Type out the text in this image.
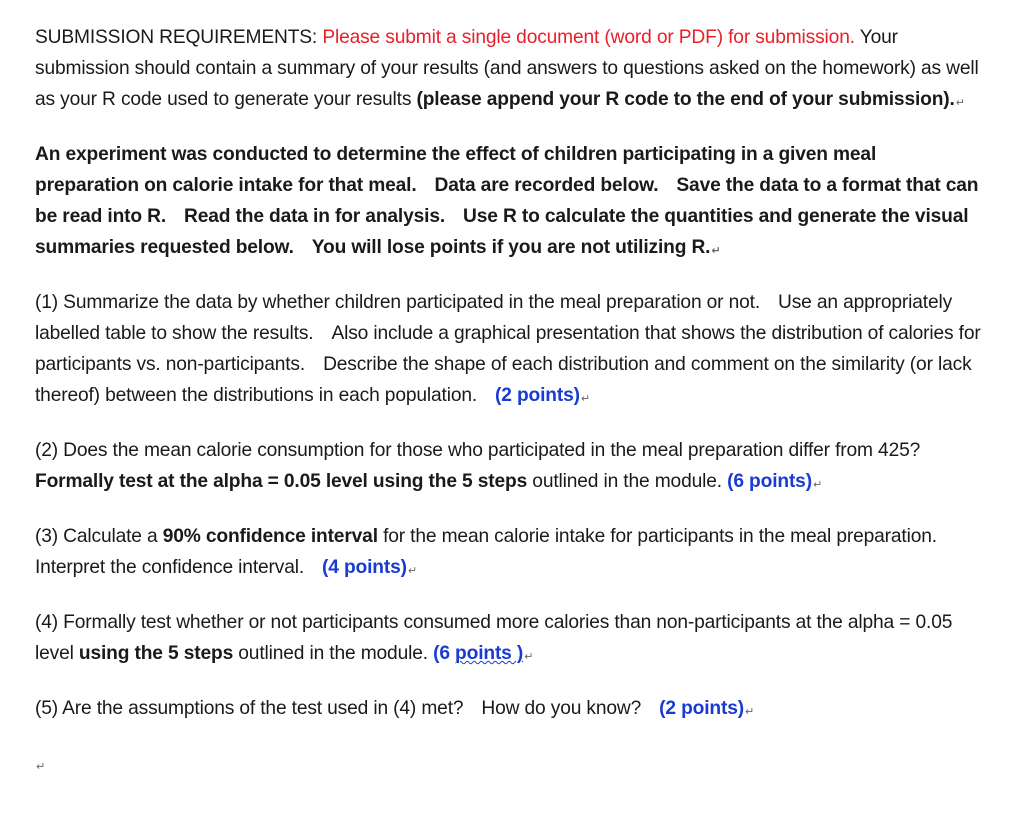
SUBMISSION REQUIREMENTS: Please submit a single document (word or PDF) for submission. Your submission should contain a summary of your results (and answers to questions asked on the homework) as well as your R code used to generate your results (please append your R code to the end of your submission).↵

An experiment was conducted to determine the effect of children participating in a given meal preparation on calorie intake for that meal. Data are recorded below. Save the data to a format that can be read into R. Read the data in for analysis. Use R to calculate the quantities and generate the visual summaries requested below. You will lose points if you are not utilizing R.↵

(1) Summarize the data by whether children participated in the meal preparation or not. Use an appropriately labelled table to show the results. Also include a graphical presentation that shows the distribution of calories for participants vs. non-participants. Describe the shape of each distribution and comment on the similarity (or lack thereof) between the distributions in each population. (2 points)↵

(2) Does the mean calorie consumption for those who participated in the meal preparation differ from 425?Formally test at the alpha = 0.05 level using the 5 steps outlined in the module. (6 points)↵

(3) Calculate a 90% confidence interval for the mean calorie intake for participants in the meal preparation.Interpret the confidence interval. (4 points)↵

(4) Formally test whether or not participants consumed more calories than non-participants at the alpha = 0.05 level using the 5 steps outlined in the module. (6 points )↵

(5) Are the assumptions of the test used in (4) met? How do you know? (2 points)↵

↵
